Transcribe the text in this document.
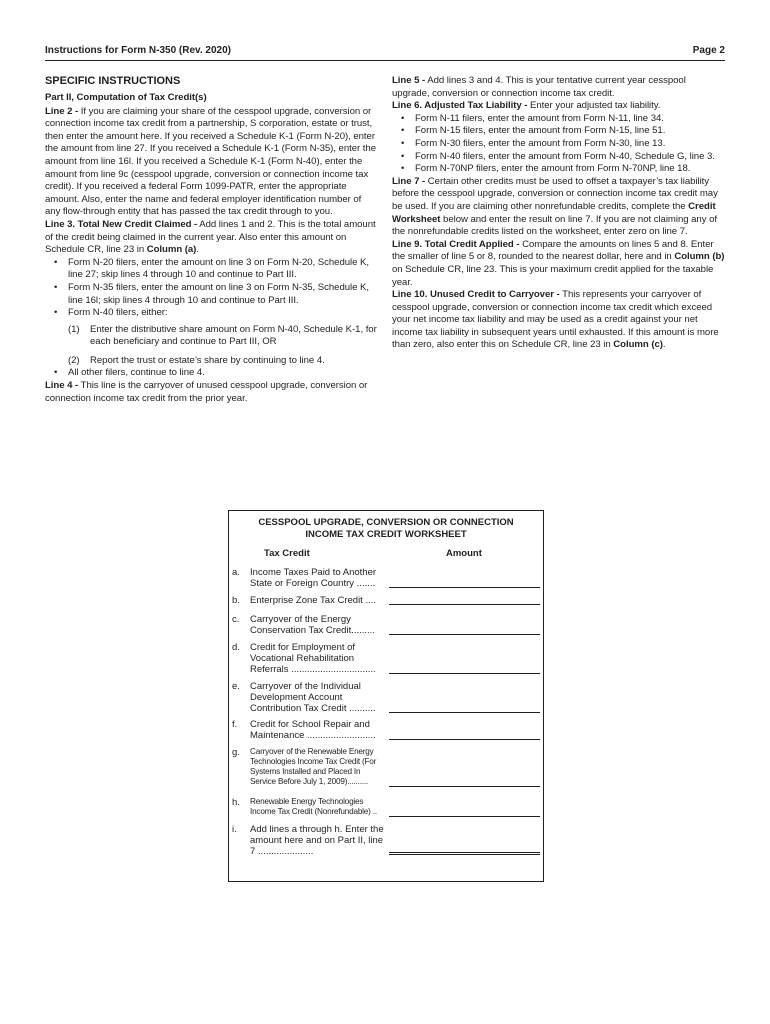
Instructions for Form N-350 (Rev. 2020)	Page 2
SPECIFIC INSTRUCTIONS
Part II, Computation of Tax Credit(s)

Line 2 - If you are claiming your share of the cesspool upgrade, conversion or connection income tax credit from a partnership, S corporation, estate or trust, then enter the amount here. If you received a Schedule K-1 (Form N-20), enter the amount from line 27. If you received a Schedule K-1 (Form N-35), enter the amount from line 16l. If you received a Schedule K-1 (Form N-40), enter the amount from line 9c (cesspool upgrade, conversion or connection income tax credit). If you received a federal Form 1099-PATR, enter the appropriate amount. Also, enter the name and federal employer identification number of any flow-through entity that has passed the tax credit through to you.

Line 3. Total New Credit Claimed - Add lines 1 and 2. This is the total amount of the credit being claimed in the current year. Also enter this amount on Schedule CR, line 23 in Column (a).

• Form N-20 filers, enter the amount on line 3 on Form N-20, Schedule K, line 27; skip lines 4 through 10 and continue to Part III.
• Form N-35 filers, enter the amount on line 3 on Form N-35, Schedule K, line 16l; skip lines 4 through 10 and continue to Part III.
• Form N-40 filers, either:
(1) Enter the distributive share amount on Form N-40, Schedule K-1, for each beneficiary and continue to Part III, OR
(2) Report the trust or estate’s share by continuing to line 4.
• All other filers, continue to line 4.

Line 4 - This line is the carryover of unused cesspool upgrade, conversion or connection income tax credit from the prior year.

Line 5 - Add lines 3 and 4. This is your tentative current year cesspool upgrade, conversion or connection income tax credit.

Line 6. Adjusted Tax Liability - Enter your adjusted tax liability.

• Form N-11 filers, enter the amount from Form N-11, line 34.
• Form N-15 filers, enter the amount from Form N-15, line 51.
• Form N-30 filers, enter the amount from Form N-30, line 13.
• Form N-40 filers, enter the amount from Form N-40, Schedule G, line 3.
• Form N-70NP filers, enter the amount from Form N-70NP, line 18.

Line 7 - Certain other credits must be used to offset a taxpayer’s tax liability before the cesspool upgrade, conversion or connection income tax credit may be used. If you are claiming other nonrefundable credits, complete the Credit Worksheet below and enter the result on line 7. If you are not claiming any of the nonrefundable credits listed on the worksheet, enter zero on line 7.

Line 9. Total Credit Applied - Compare the amounts on lines 5 and 8. Enter the smaller of line 5 or 8, rounded to the nearest dollar, here and in Column (b) on Schedule CR, line 23. This is your maximum credit applied for the taxable year.

Line 10. Unused Credit to Carryover - This represents your carryover of cesspool upgrade, conversion or connection income tax credit which exceed your net income tax liability and may be used as a credit against your net income tax liability in subsequent years until exhausted. If this amount is more than zero, also enter this on Schedule CR, line 23 in Column (c).

CESSPOOL UPGRADE, CONVERSION OR CONNECTION
INCOME TAX CREDIT WORKSHEET
Tax Credit	Amount
a. Income Taxes Paid to Another State or Foreign Country .......
b. Enterprise Zone Tax Credit ....
c. Carryover of the Energy Conservation Tax Credit.........
d. Credit for Employment of Vocational Rehabilitation Referrals ................................
e. Carryover of the Individual Development Account Contribution Tax Credit ..........
f. Credit for School Repair and Maintenance ..........................
g. Carryover of the Renewable Energy Technologies Income Tax Credit (For Systems Installed and Placed In Service Before July 1, 2009)..........
h. Renewable Energy Technologies Income Tax Credit (Nonrefundable) ..
i. Add lines a through h. Enter the amount here and on Part II, line 7 .....................
